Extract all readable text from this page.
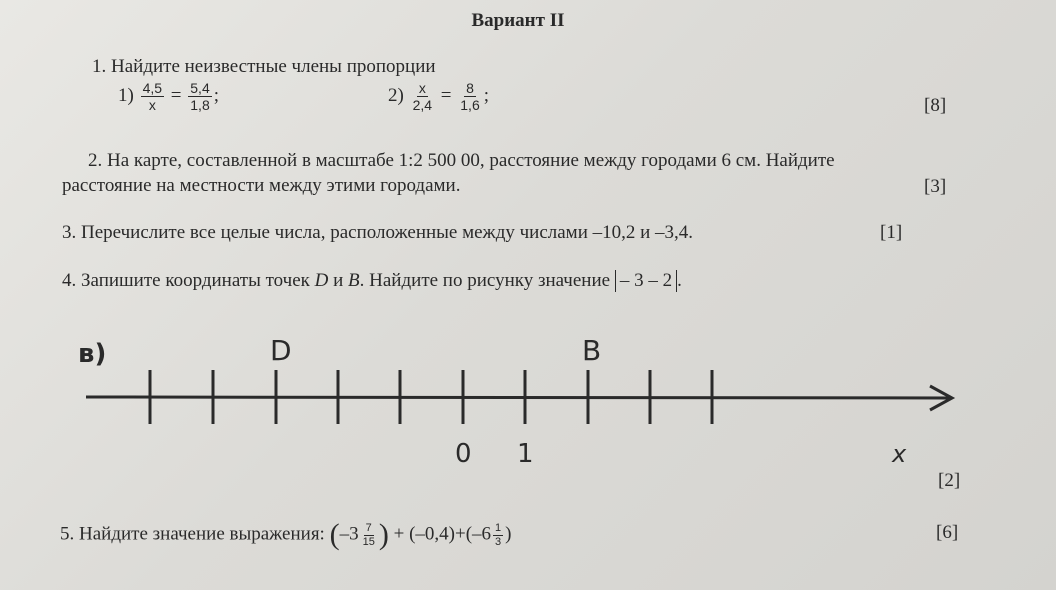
Вариант II
1. Найдите неизвестные члены пропорции
$1) \frac{4,5}{x} = \frac{5,4}{1,8}$ ;	$2) \frac{x}{2,4} = \frac{8}{1,6}$ ;	[8]
2. На карте, составленной в масштабе 1:2 500 00, расстояние между городами 6 см. Найдите
расстояние на местности между этими городами.	[3]
3. Перечислите все целые числа, расположенные между числами –10,2 и –3,4.	[1]
4. Запишите координаты точек D и B. Найдите по рисунку значение – 3 – 2 .
в)	D	B
0 1	x
[2]
5. Найдите значение выражения: ($-3 \frac{7}{15}$ ) + $(-0,4)+(-6 \frac{1}{3}$ )	[6]
